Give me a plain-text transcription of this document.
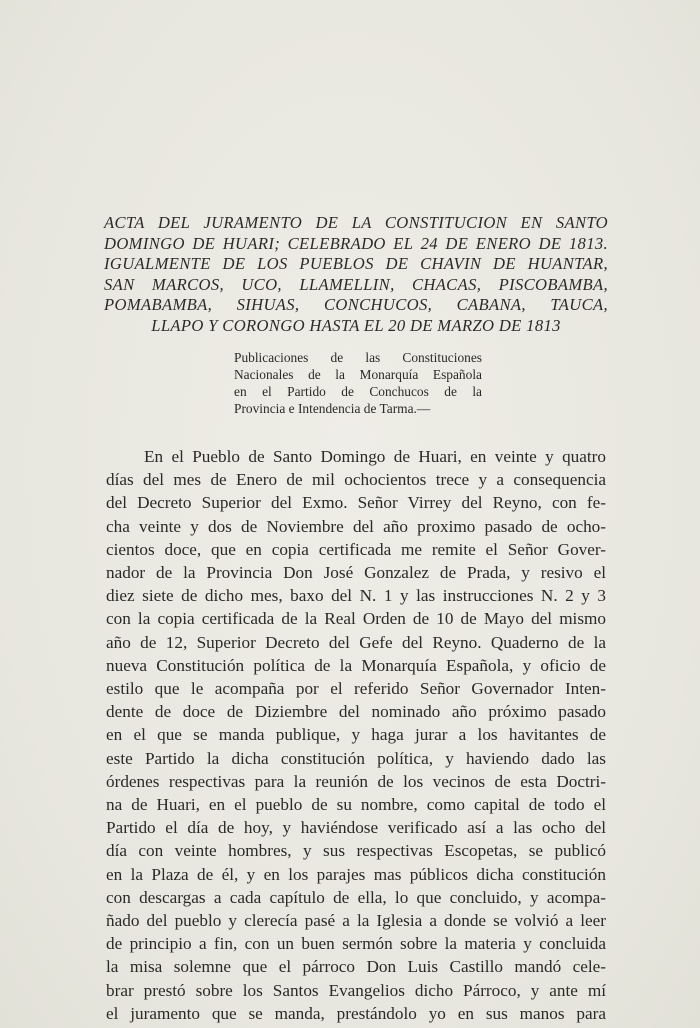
ACTA DEL JURAMENTO DE LA CONSTITUCION EN SANTO
DOMINGO DE HUARI; CELEBRADO EL 24 DE ENERO DE 1813.
IGUALMENTE DE LOS PUEBLOS DE CHAVIN DE HUANTAR,
SAN MARCOS, UCO, LLAMELLIN, CHACAS, PISCOBAMBA,
POMABAMBA, SIHUAS, CONCHUCOS, CABANA, TAUCA,
LLAPO Y CORONGO HASTA EL 20 DE MARZO DE 1813
Publicaciones de las Constituciones
Nacionales de la Monarquía Española
en el Partido de Conchucos de la
Provincia e Intendencia de Tarma.—
En el Pueblo de Santo Domingo de Huari, en veinte y quatro
días del mes de Enero de mil ochocientos trece y a consequencia
del Decreto Superior del Exmo. Señor Virrey del Reyno, con fe-
cha veinte y dos de Noviembre del año proximo pasado de ocho-
cientos doce, que en copia certificada me remite el Señor Gover-
nador de la Provincia Don José Gonzalez de Prada, y resivo el
diez siete de dicho mes, baxo del N. 1 y las instrucciones N. 2 y 3
con la copia certificada de la Real Orden de 10 de Mayo del mismo
año de 12, Superior Decreto del Gefe del Reyno. Quaderno de la
nueva Constitución política de la Monarquía Española, y oficio de
estilo que le acompaña por el referido Señor Governador Inten-
dente de doce de Diziembre del nominado año próximo pasado
en el que se manda publique, y haga jurar a los havitantes de
este Partido la dicha constitución política, y haviendo dado las
órdenes respectivas para la reunión de los vecinos de esta Doctri-
na de Huari, en el pueblo de su nombre, como capital de todo el
Partido el día de hoy, y haviéndose verificado así a las ocho del
día con veinte hombres, y sus respectivas Escopetas, se publicó
en la Plaza de él, y en los parajes mas públicos dicha constitución
con descargas a cada capítulo de ella, lo que concluido, y acompa-
ñado del pueblo y clerecía pasé a la Iglesia a donde se volvió a leer
de principio a fin, con un buen sermón sobre la materia y concluida
la misa solemne que el párroco Don Luis Castillo mandó cele-
brar prestó sobre los Santos Evangelios dicho Párroco, y ante mí
el juramento que se manda, prestándolo yo en sus manos para
